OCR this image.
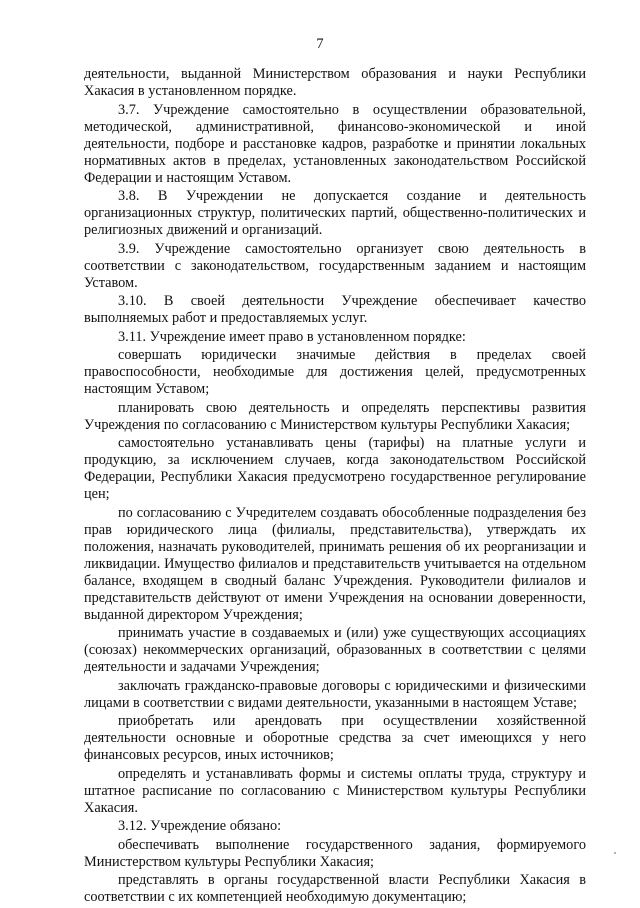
7

деятельности, выданной Министерством образования и науки Республики Хакасия в установленном порядке.

3.7. Учреждение самостоятельно в осуществлении образовательной, методической, административной, финансово-экономической и иной деятельности, подборе и расстановке кадров, разработке и принятии локальных нормативных актов в пределах, установленных законодательством Российской Федерации и настоящим Уставом.

3.8. В Учреждении не допускается создание и деятельность организационных структур, политических партий, общественно-политических и религиозных движений и организаций.

3.9. Учреждение самостоятельно организует свою деятельность в соответствии с законодательством, государственным заданием и настоящим Уставом.

3.10. В своей деятельности Учреждение обеспечивает качество выполняемых работ и предоставляемых услуг.

3.11. Учреждение имеет право в установленном порядке:

совершать юридически значимые действия в пределах своей правоспособности, необходимые для достижения целей, предусмотренных настоящим Уставом;

планировать свою деятельность и определять перспективы развития Учреждения по согласованию с Министерством культуры Республики Хакасия;

самостоятельно устанавливать цены (тарифы) на платные услуги и продукцию, за исключением случаев, когда законодательством Российской Федерации, Республики Хакасия предусмотрено государственное регулирование цен;

по согласованию с Учредителем создавать обособленные подразделения без прав юридического лица (филиалы, представительства), утверждать их положения, назначать руководителей, принимать решения об их реорганизации и ликвидации. Имущество филиалов и представительств учитывается на отдельном балансе, входящем в сводный баланс Учреждения. Руководители филиалов и представительств действуют от имени Учреждения на основании доверенности, выданной директором Учреждения;

принимать участие в создаваемых и (или) уже существующих ассоциациях (союзах) некоммерческих организаций, образованных в соответствии с целями деятельности и задачами Учреждения;

заключать гражданско-правовые договоры с юридическими и физическими лицами в соответствии с видами деятельности, указанными в настоящем Уставе;

приобретать или арендовать при осуществлении хозяйственной деятельности основные и оборотные средства за счет имеющихся у него финансовых ресурсов, иных источников;

определять и устанавливать формы и системы оплаты труда, структуру и штатное расписание по согласованию с Министерством культуры Республики Хакасия.

3.12. Учреждение обязано:

обеспечивать выполнение государственного задания, формируемого Министерством культуры Республики Хакасия;

представлять в органы государственной власти Республики Хакасия в соответствии с их компетенцией необходимую документацию;
